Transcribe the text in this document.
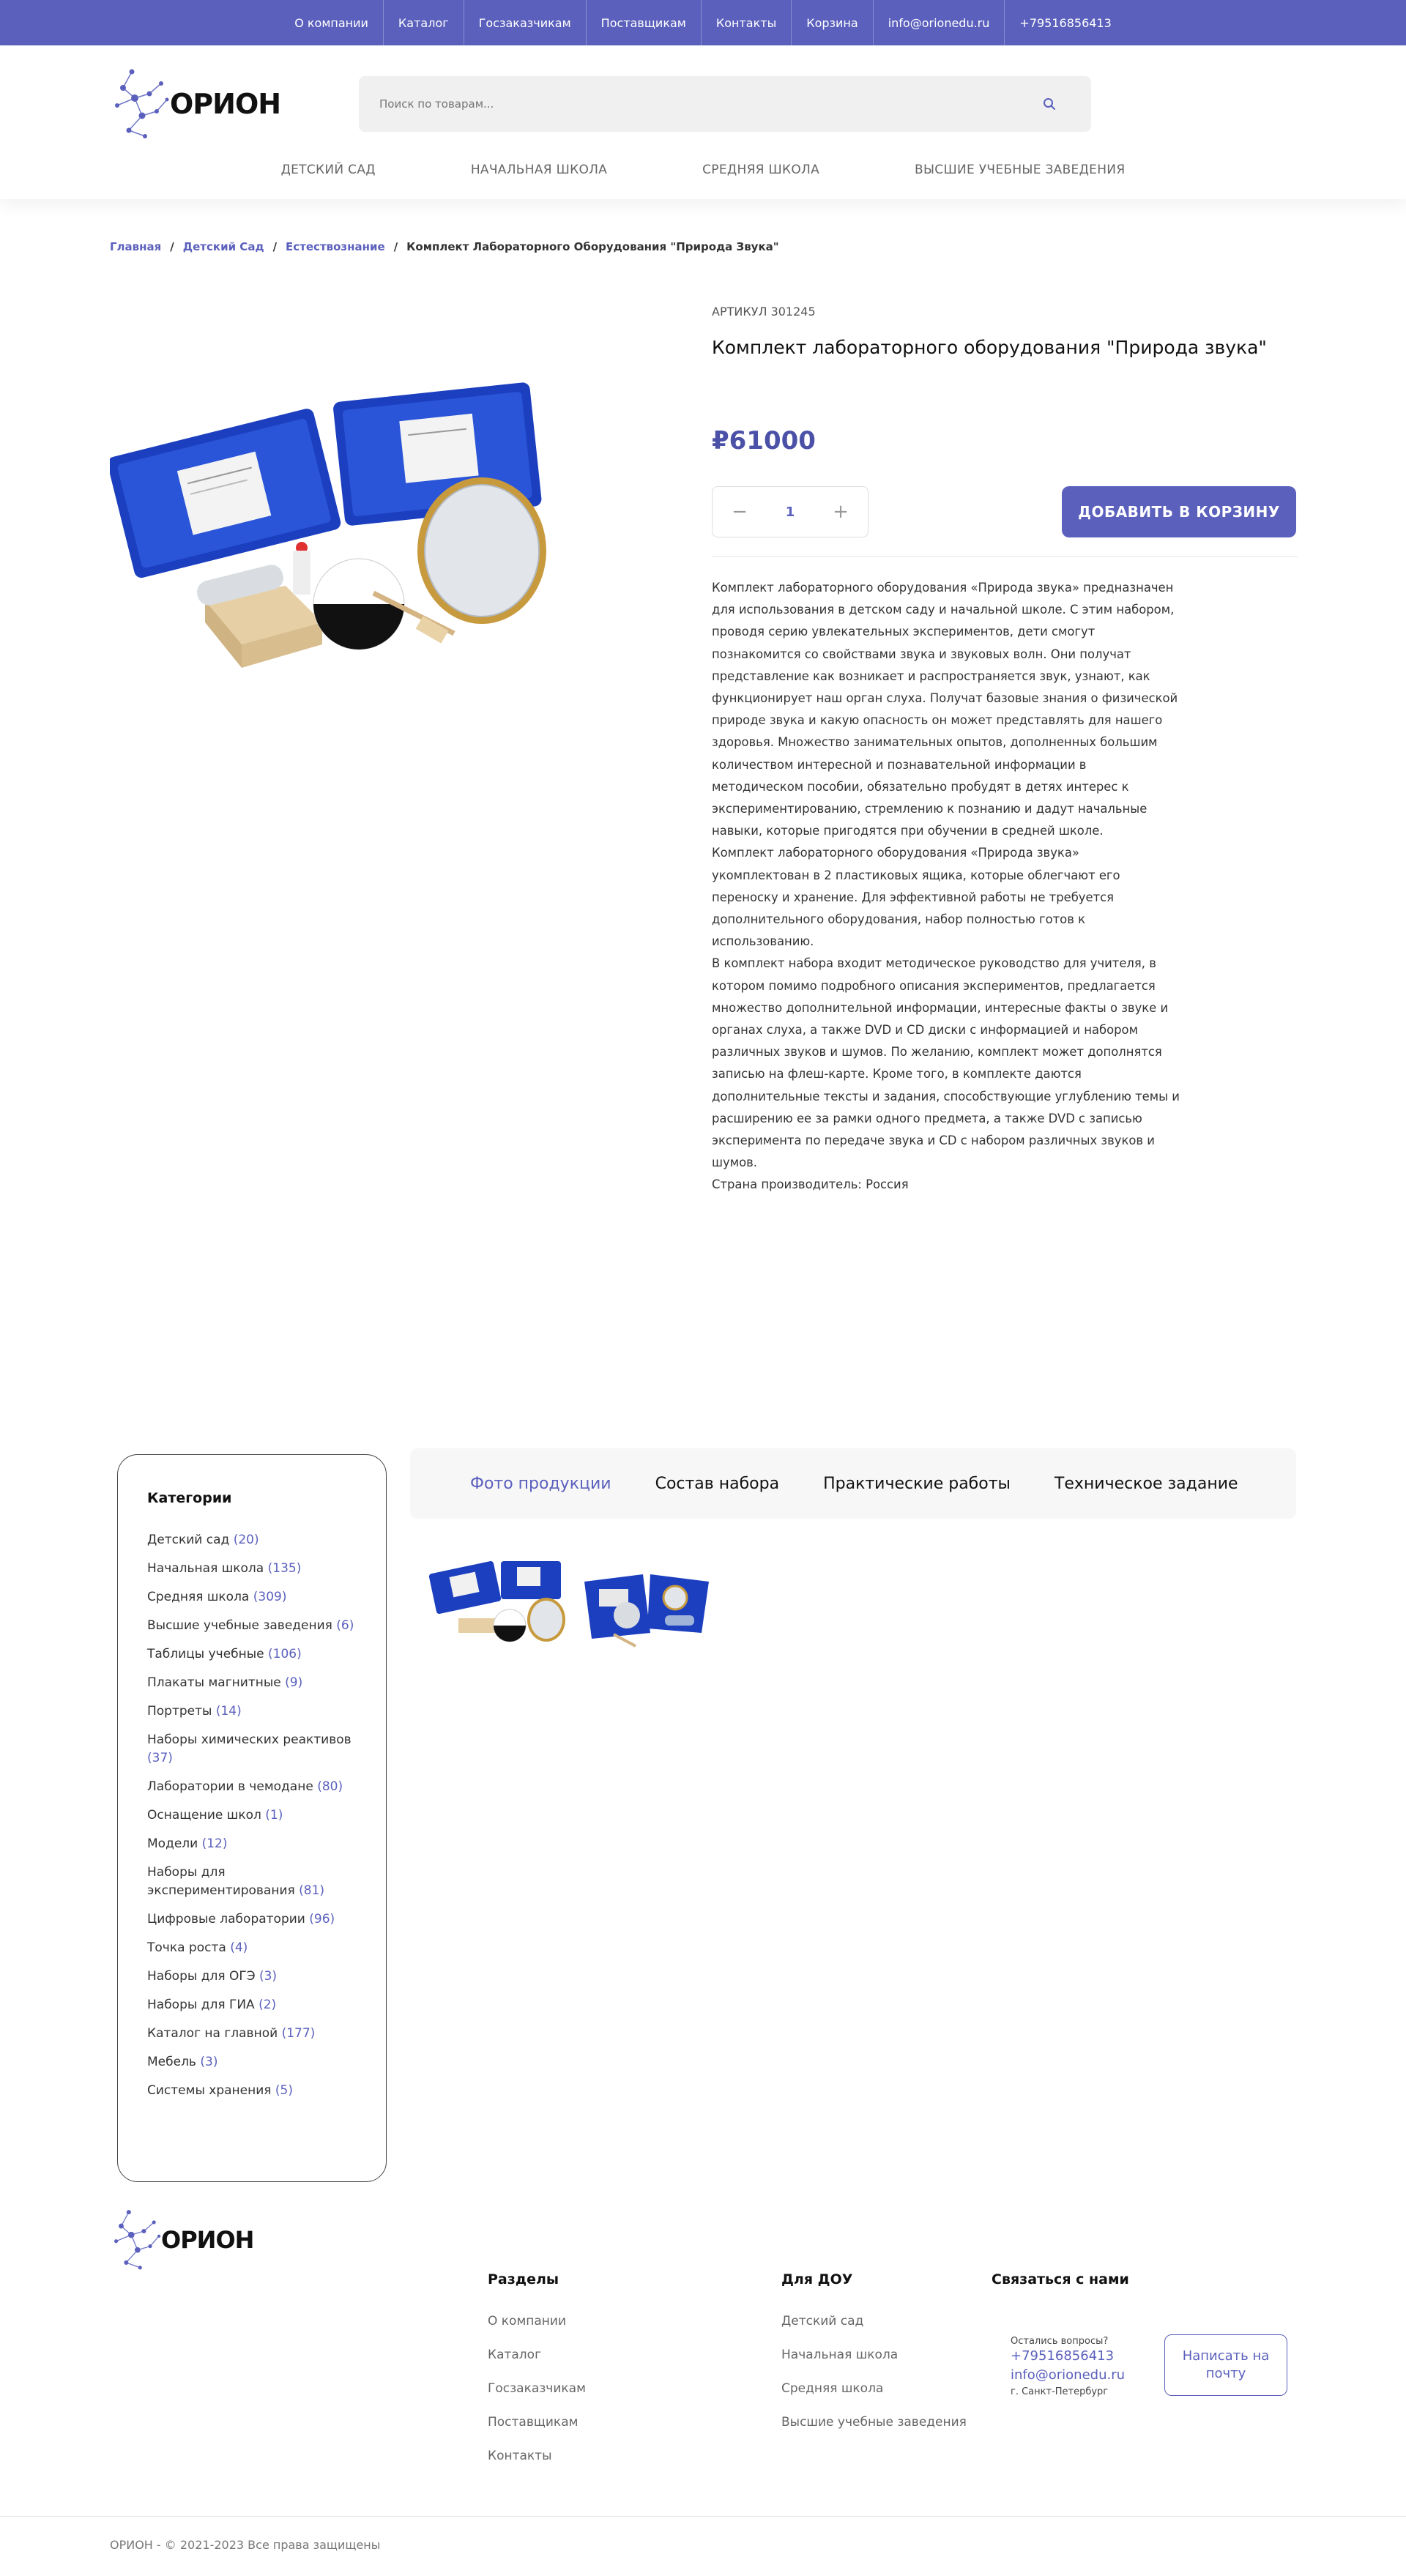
О компании	Каталог	Госзаказчикам	Поставщикам	Контакты	Корзина	info@orionedu.ru	+79516856413
ОРИОН
Поиск по товарам...
ДЕТСКИЙ САД	НАЧАЛЬНАЯ ШКОЛА	СРЕДНЯЯ ШКОЛА	ВЫСШИЕ УЧЕБНЫЕ ЗАВЕДЕНИЯ
Главная / Детский Сад / Естествознание / Комплект Лабораторного Оборудования "Природа Звука"
АРТИКУЛ 301245
Комплект лабораторного оборудования "Природа звука"
₽61000
−	1 +	ДОБАВИТЬ В КОРЗИНУ

Комплект лабораторного оборудования «Природа звука» предназначен для использования в детском саду и начальной школе. С этим набором, проводя серию увлекательных экспериментов, дети смогут познакомится со свойствами звука и звуковых волн. Они получат представление как возникает и распространяется звук, узнают, как функционирует наш орган слуха. Получат базовые знания о физической природе звука и какую опасность он может представлять для нашего здоровья. Множество занимательных опытов, дополненных большим количеством интересной и познавательной информации в методическом пособии, обязательно пробудят в детях интерес к экспериментированию, стремлению к познанию и дадут начальные навыки, которые пригодятся при обучении в средней школе.

Комплект лабораторного оборудования «Природа звука» укомплектован в 2 пластиковых ящика, которые облегчают его переноску и хранение. Для эффективной работы не требуется дополнительного оборудования, набор полностью готов к использованию.

В комплект набора входит методическое руководство для учителя, в котором помимо подробного описания экспериментов, предлагается множество дополнительной информации, интересные факты о звуке и органах слуха, а также DVD и CD диски с информацией и набором различных звуков и шумов. По желанию, комплект может дополнятся записью на флеш-карте. Кроме того, в комплекте даются дополнительные тексты и задания, способствующие углублению темы и расширению ее за рамки одного предмета, а также DVD с записью эксперимента по передаче звука и CD с набором различных звуков и шумов.

Страна производитель: Россия

Категории
Детский сад (20)
Начальная школа (135)
Средняя школа (309)
Высшие учебные заведения (6)
Таблицы учебные (106)
Плакаты магнитные (9)
Портреты (14)
Наборы химических реактивов (37)
Лаборатории в чемодане (80)
Оснащение школ (1)
Модели (12)
Наборы для экспериментирования (81)
Цифровые лаборатории (96)
Точка роста (4)
Наборы для ОГЭ (3)
Наборы для ГИА (2)
Каталог на главной (177)
Мебель (3)
Системы хранения (5)
Фото продукции	Состав набора	Практические работы	Техническое задание
ОРИОН
Разделы
О компании
Каталог
Госзаказчикам
Поставщикам
Контакты
Для ДОУ
Детский сад
Начальная школа
Средняя школа
Высшие учебные заведения
Связаться с нами
Остались вопросы?
+79516856413
info@orionedu.ru
г. Санкт-Петербург
Написать на почту
ОРИОН - © 2021-2023 Все права защищены
